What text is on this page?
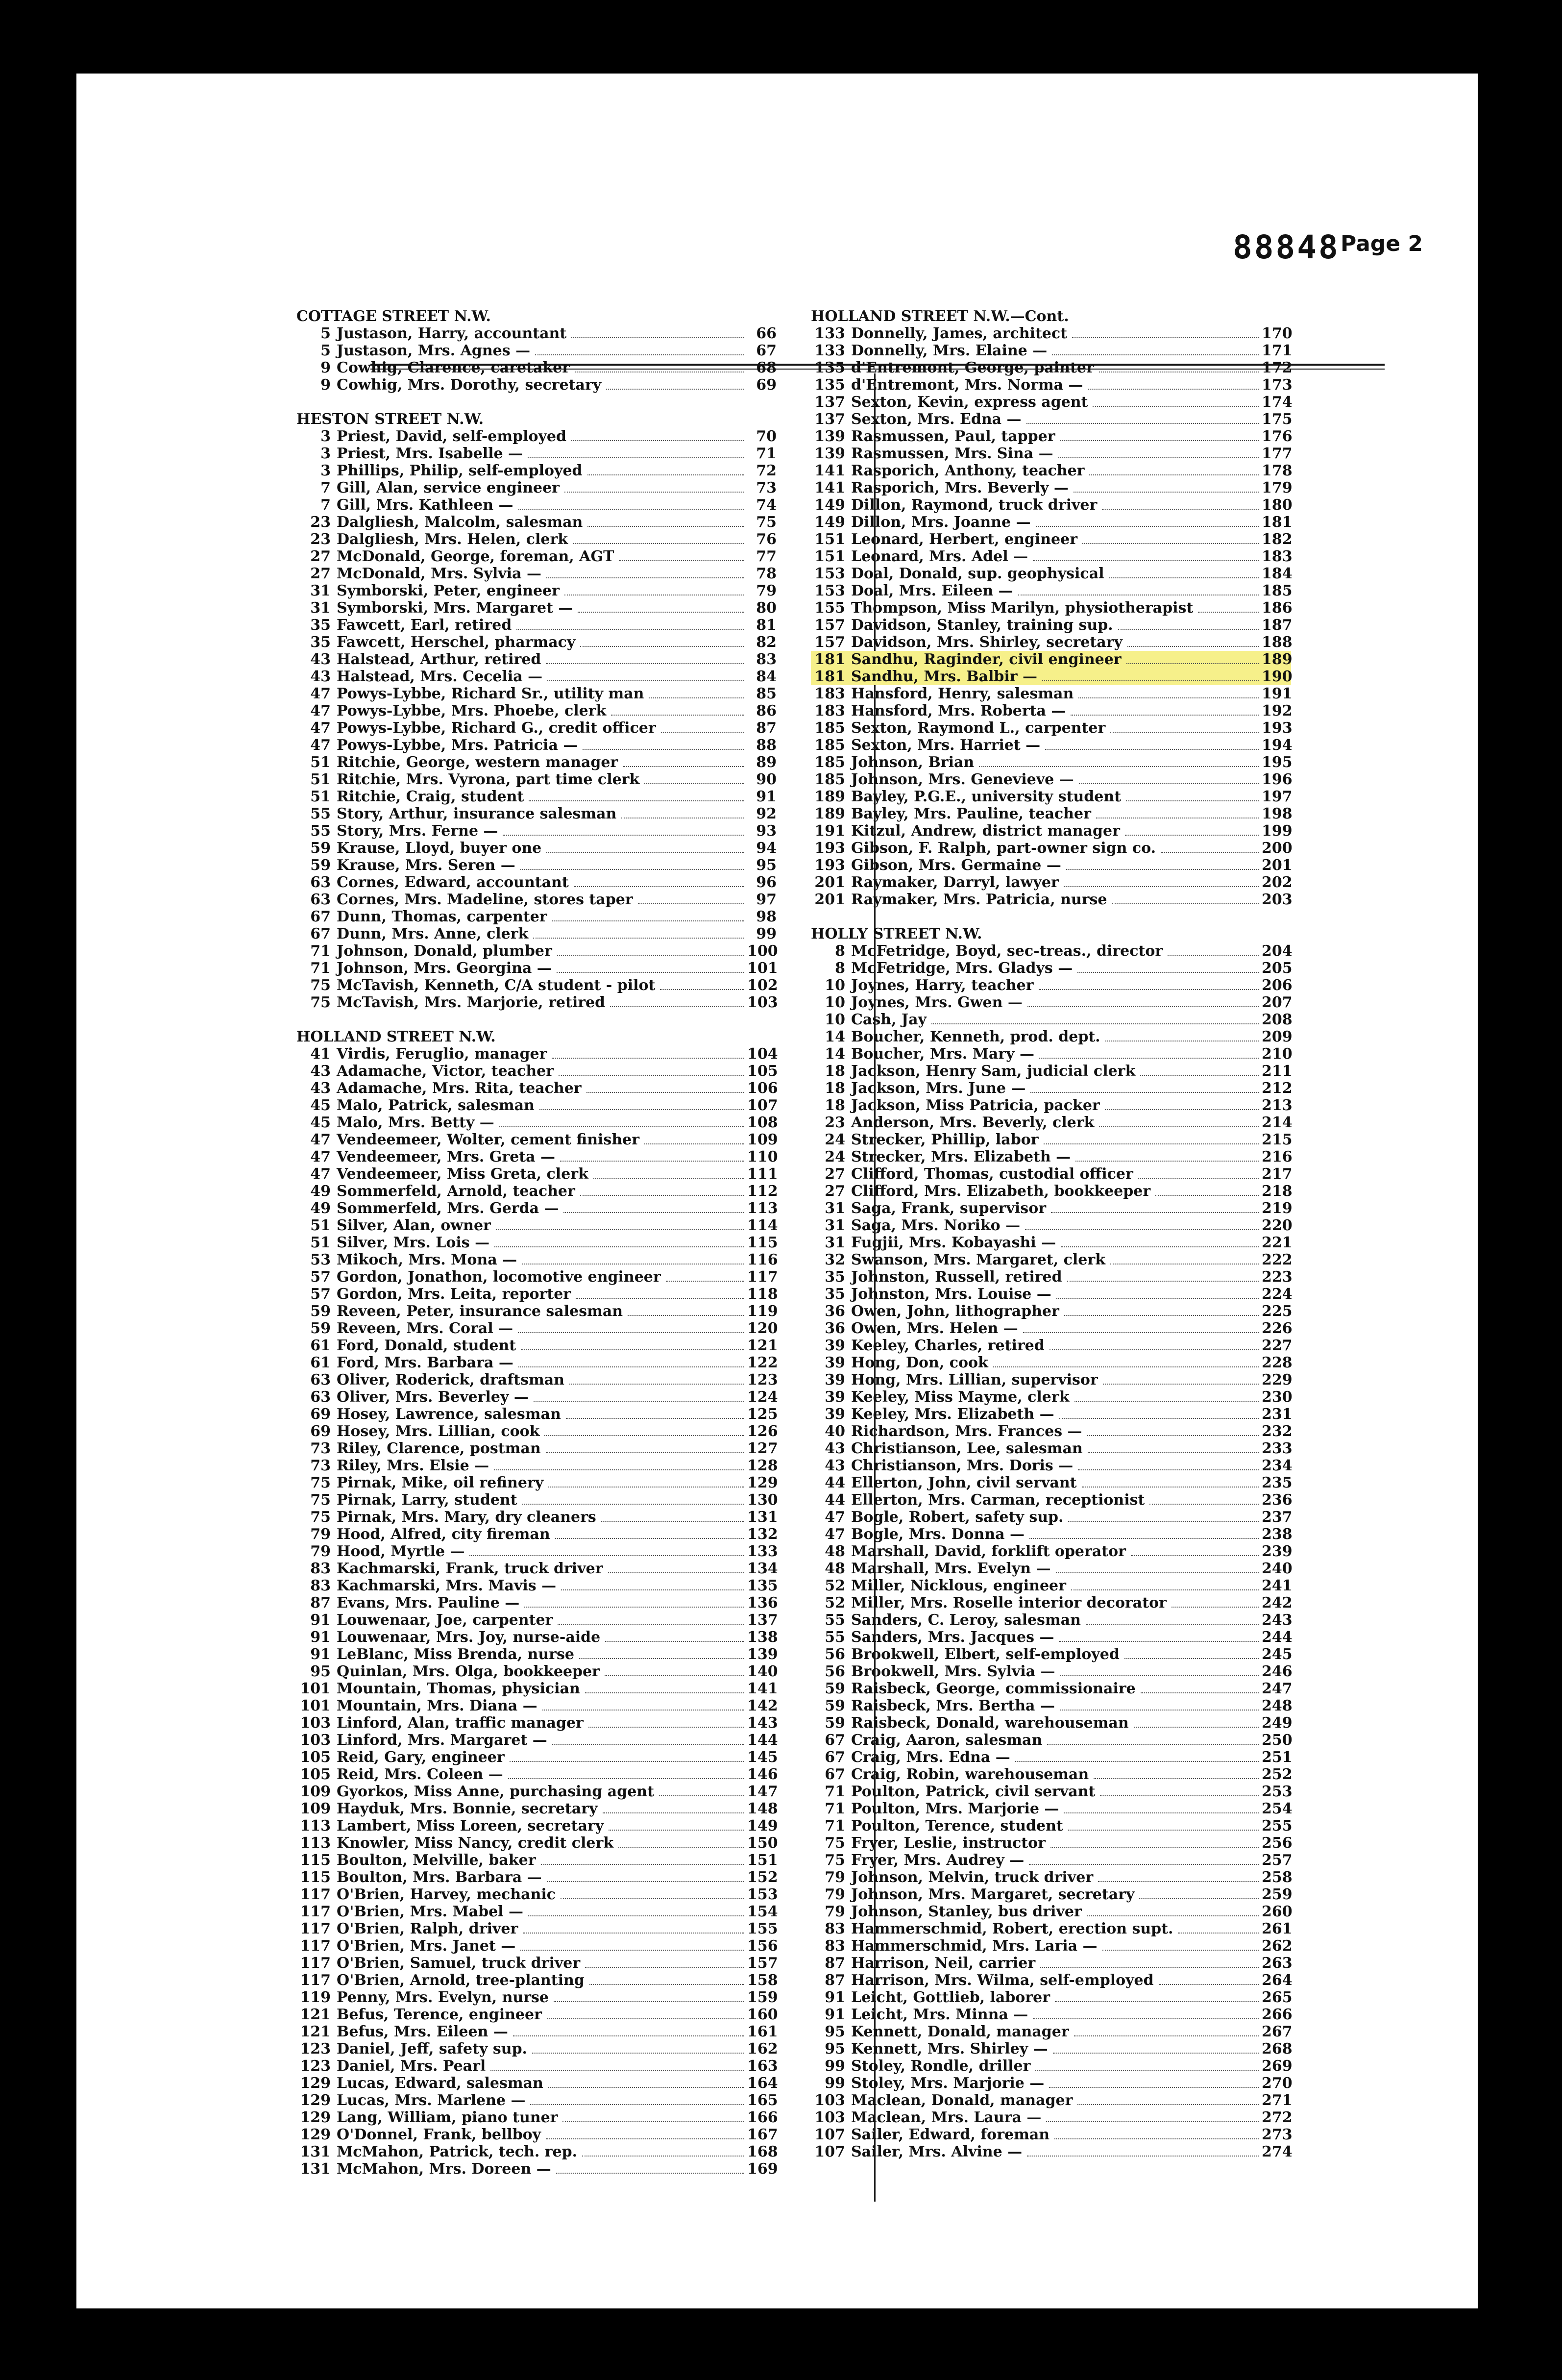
88848 Page 2
COTTAGE STREET N.W.
5 Justason, Harry, accountant	66
5 Justason, Mrs. Agnes —	67
9 Cowhig, Clarence, caretaker	68
9 Cowhig, Mrs. Dorothy, secretary	69
HESTON STREET N.W.
3 Priest, David, self-employed	70
3 Priest, Mrs. Isabelle —	71
3 Phillips, Philip, self-employed	72
7 Gill, Alan, service engineer	73
7 Gill, Mrs. Kathleen —	74
23 Dalgliesh, Malcolm, salesman	75
23 Dalgliesh, Mrs. Helen, clerk	76
27 McDonald, George, foreman, AGT	77
27 McDonald, Mrs. Sylvia —	78
31 Symborski, Peter, engineer	79
31 Symborski, Mrs. Margaret —	80
35 Fawcett, Earl, retired	81
35 Fawcett, Herschel, pharmacy	82
43 Halstead, Arthur, retired	83
43 Halstead, Mrs. Cecelia —	84
47 Powys-Lybbe, Richard Sr., utility man	85
47 Powys-Lybbe, Mrs. Phoebe, clerk	86
47 Powys-Lybbe, Richard G., credit officer	87
47 Powys-Lybbe, Mrs. Patricia —	88
51 Ritchie, George, western manager	89
51 Ritchie, Mrs. Vyrona, part time clerk	90
51 Ritchie, Craig, student	91
55 Story, Arthur, insurance salesman	92
55 Story, Mrs. Ferne —	93
59 Krause, Lloyd, buyer one	94
59 Krause, Mrs. Seren —	95
63 Cornes, Edward, accountant	96
63 Cornes, Mrs. Madeline, stores taper	97
67 Dunn, Thomas, carpenter	98
67 Dunn, Mrs. Anne, clerk	99
71 Johnson, Donald, plumber	100
71 Johnson, Mrs. Georgina —	101
75 McTavish, Kenneth, C/A student - pilot	102
75 McTavish, Mrs. Marjorie, retired	103
HOLLAND STREET N.W.
41 Virdis, Feruglio, manager	104
43 Adamache, Victor, teacher	105
43 Adamache, Mrs. Rita, teacher	106
45 Malo, Patrick, salesman	107
45 Malo, Mrs. Betty —	108
47 Vendeemeer, Wolter, cement finisher	109
47 Vendeemeer, Mrs. Greta —	110
47 Vendeemeer, Miss Greta, clerk	111
49 Sommerfeld, Arnold, teacher	112
49 Sommerfeld, Mrs. Gerda —	113
51 Silver, Alan, owner	114
51 Silver, Mrs. Lois —	115
53 Mikoch, Mrs. Mona —	116
57 Gordon, Jonathon, locomotive engineer	117
57 Gordon, Mrs. Leita, reporter	118
59 Reveen, Peter, insurance salesman	119
59 Reveen, Mrs. Coral —	120
61 Ford, Donald, student	121
61 Ford, Mrs. Barbara —	122
63 Oliver, Roderick, draftsman	123
63 Oliver, Mrs. Beverley —	124
69 Hosey, Lawrence, salesman	125
69 Hosey, Mrs. Lillian, cook	126
73 Riley, Clarence, postman	127
73 Riley, Mrs. Elsie —	128
75 Pirnak, Mike, oil refinery	129
75 Pirnak, Larry, student	130
75 Pirnak, Mrs. Mary, dry cleaners	131
79 Hood, Alfred, city fireman	132
79 Hood, Myrtle —	133
83 Kachmarski, Frank, truck driver	134
83 Kachmarski, Mrs. Mavis —	135
87 Evans, Mrs. Pauline —	136
91 Louwenaar, Joe, carpenter	137
91 Louwenaar, Mrs. Joy, nurse-aide	138
91 LeBlanc, Miss Brenda, nurse	139
95 Quinlan, Mrs. Olga, bookkeeper	140
101 Mountain, Thomas, physician	141
101 Mountain, Mrs. Diana —	142
103 Linford, Alan, traffic manager	143
103 Linford, Mrs. Margaret —	144
105 Reid, Gary, engineer	145
105 Reid, Mrs. Coleen —	146
109 Gyorkos, Miss Anne, purchasing agent	147
109 Hayduk, Mrs. Bonnie, secretary	148
113 Lambert, Miss Loreen, secretary	149
113 Knowler, Miss Nancy, credit clerk	150
115 Boulton, Melville, baker	151
115 Boulton, Mrs. Barbara —	152
117 O'Brien, Harvey, mechanic	153
117 O'Brien, Mrs. Mabel —	154
117 O'Brien, Ralph, driver	155
117 O'Brien, Mrs. Janet —	156
117 O'Brien, Samuel, truck driver	157
117 O'Brien, Arnold, tree-planting	158
119 Penny, Mrs. Evelyn, nurse	159
121 Befus, Terence, engineer	160
121 Befus, Mrs. Eileen —	161
123 Daniel, Jeff, safety sup.	162
123 Daniel, Mrs. Pearl	163
129 Lucas, Edward, salesman	164
129 Lucas, Mrs. Marlene —	165
129 Lang, William, piano tuner	166
129 O'Donnel, Frank, bellboy	167
131 McMahon, Patrick, tech. rep.	168
131 McMahon, Mrs. Doreen —	169
HOLLAND STREET N.W.—Cont.
133 Donnelly, James, architect	170
133 Donnelly, Mrs. Elaine —	171
135 d'Entremont, George, painter	172
135 d'Entremont, Mrs. Norma —	173
137 Sexton, Kevin, express agent	174
137 Sexton, Mrs. Edna —	175
139 Rasmussen, Paul, tapper	176
139 Rasmussen, Mrs. Sina —	177
141 Rasporich, Anthony, teacher	178
141 Rasporich, Mrs. Beverly —	179
149 Dillon, Raymond, truck driver	180
149 Dillon, Mrs. Joanne —	181
151 Leonard, Herbert, engineer	182
151 Leonard, Mrs. Adel —	183
153 Doal, Donald, sup. geophysical	184
153 Doal, Mrs. Eileen —	185
155 Thompson, Miss Marilyn, physiotherapist	186
157 Davidson, Stanley, training sup.	187
157 Davidson, Mrs. Shirley, secretary	188
181 Sandhu, Raginder, civil engineer	189
181 Sandhu, Mrs. Balbir —	190
183 Hansford, Henry, salesman	191
183 Hansford, Mrs. Roberta —	192
185 Sexton, Raymond L., carpenter	193
185 Sexton, Mrs. Harriet —	194
185 Johnson, Brian	195
185 Johnson, Mrs. Genevieve —	196
189 Bayley, P.G.E., university student	197
189 Bayley, Mrs. Pauline, teacher	198
191 Kitzul, Andrew, district manager	199
193 Gibson, F. Ralph, part-owner sign co.	200
193 Gibson, Mrs. Germaine —	201
201 Raymaker, Darryl, lawyer	202
201 Raymaker, Mrs. Patricia, nurse	203
HOLLY STREET N.W.
8 McFetridge, Boyd, sec-treas., director	204
8 McFetridge, Mrs. Gladys —	205
10 Joynes, Harry, teacher	206
10 Joynes, Mrs. Gwen —	207
10 Cash, Jay	208
14 Boucher, Kenneth, prod. dept.	209
14 Boucher, Mrs. Mary —	210
18 Jackson, Henry Sam, judicial clerk	211
18 Jackson, Mrs. June —	212
18 Jackson, Miss Patricia, packer	213
23 Anderson, Mrs. Beverly, clerk	214
24 Strecker, Phillip, labor	215
24 Strecker, Mrs. Elizabeth —	216
27 Clifford, Thomas, custodial officer	217
27 Clifford, Mrs. Elizabeth, bookkeeper	218
31 Saga, Frank, supervisor	219
31 Saga, Mrs. Noriko —	220
31 Fugjii, Mrs. Kobayashi —	221
32 Swanson, Mrs. Margaret, clerk	222
35 Johnston, Russell, retired	223
35 Johnston, Mrs. Louise —	224
36 Owen, John, lithographer	225
36 Owen, Mrs. Helen —	226
39 Keeley, Charles, retired	227
39 Hong, Don, cook	228
39 Hong, Mrs. Lillian, supervisor	229
39 Keeley, Miss Mayme, clerk	230
39 Keeley, Mrs. Elizabeth —	231
40 Richardson, Mrs. Frances —	232
43 Christianson, Lee, salesman	233
43 Christianson, Mrs. Doris —	234
44 Ellerton, John, civil servant	235
44 Ellerton, Mrs. Carman, receptionist	236
47 Bogle, Robert, safety sup.	237
47 Bogle, Mrs. Donna —	238
48 Marshall, David, forklift operator	239
48 Marshall, Mrs. Evelyn —	240
52 Miller, Nicklous, engineer	241
52 Miller, Mrs. Roselle interior decorator	242
55 Sanders, C. Leroy, salesman	243
55 Sanders, Mrs. Jacques —	244
56 Brookwell, Elbert, self-employed	245
56 Brookwell, Mrs. Sylvia —	246
59 Raisbeck, George, commissionaire	247
59 Raisbeck, Mrs. Bertha —	248
59 Raisbeck, Donald, warehouseman	249
67 Craig, Aaron, salesman	250
67 Craig, Mrs. Edna —	251
67 Craig, Robin, warehouseman	252
71 Poulton, Patrick, civil servant	253
71 Poulton, Mrs. Marjorie —	254
71 Poulton, Terence, student	255
75 Fryer, Leslie, instructor	256
75 Fryer, Mrs. Audrey —	257
79 Johnson, Melvin, truck driver	258
79 Johnson, Mrs. Margaret, secretary	259
79 Johnson, Stanley, bus driver	260
83 Hammerschmid, Robert, erection supt.	261
83 Hammerschmid, Mrs. Laria —	262
87 Harrison, Neil, carrier	263
87 Harrison, Mrs. Wilma, self-employed	264
91 Leicht, Gottlieb, laborer	265
91 Leicht, Mrs. Minna —	266
95 Kennett, Donald, manager	267
95 Kennett, Mrs. Shirley —	268
99 Stoley, Rondle, driller	269
99 Stoley, Mrs. Marjorie —	270
103 Maclean, Donald, manager	271
103 Maclean, Mrs. Laura —	272
107 Sailer, Edward, foreman	273
107 Sailer, Mrs. Alvine —	274
